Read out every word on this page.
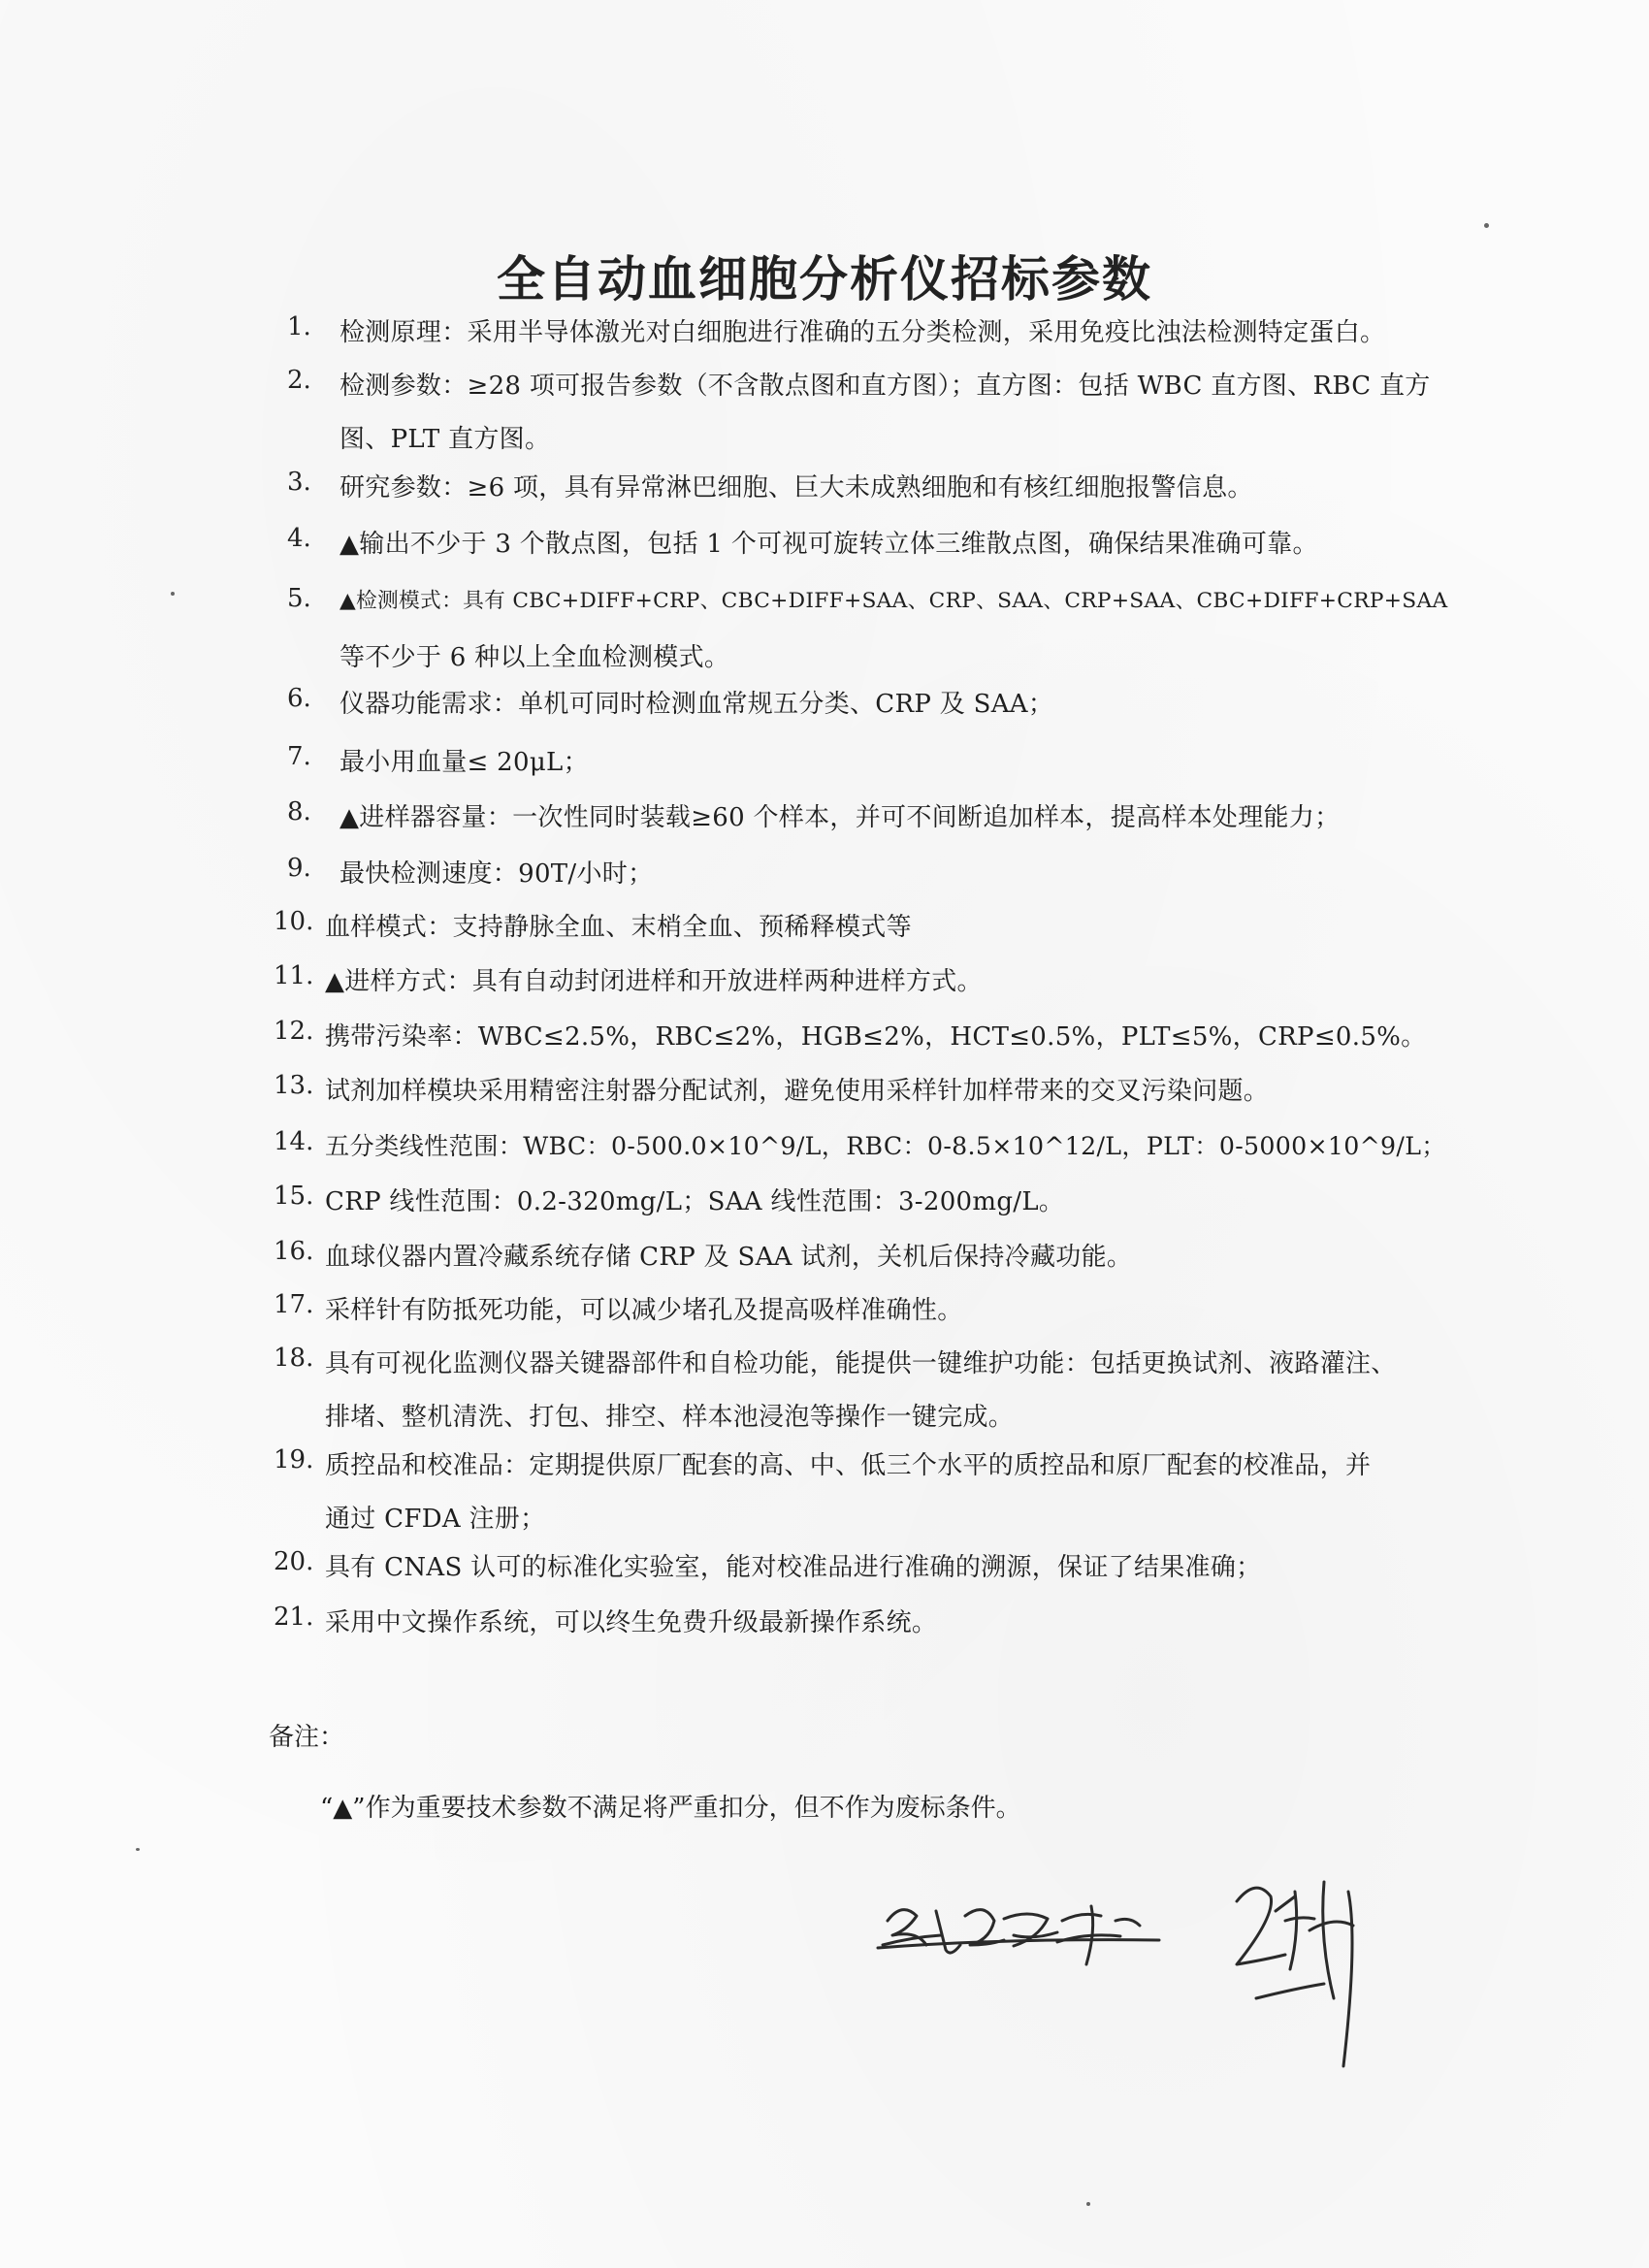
全自动血细胞分析仪招标参数
1. 检测原理：采用半导体激光对白细胞进行准确的五分类检测，采用免疫比浊法检测特定蛋白。
2. 检测参数：≥28 项可报告参数（不含散点图和直方图）；直方图：包括 WBC 直方图、RBC 直方
图、PLT 直方图。
3. 研究参数：≥6 项，具有异常淋巴细胞、巨大未成熟细胞和有核红细胞报警信息。
4. ▲输出不少于 3 个散点图，包括 1 个可视可旋转立体三维散点图，确保结果准确可靠。
5. ▲检测模式：具有 CBC+DIFF+CRP、CBC+DIFF+SAA、CRP、SAA、CRP+SAA、CBC+DIFF+CRP+SAA
等不少于 6 种以上全血检测模式。
6. 仪器功能需求：单机可同时检测血常规五分类、CRP 及 SAA；
7. 最小用血量≤ 20μL；
8. ▲进样器容量：一次性同时装载≥60 个样本，并可不间断追加样本，提高样本处理能力；
9. 最快检测速度：90T/小时；
10. 血样模式：支持静脉全血、末梢全血、预稀释模式等
11. ▲进样方式：具有自动封闭进样和开放进样两种进样方式。
12. 携带污染率：WBC≤2.5%，RBC≤2%，HGB≤2%，HCT≤0.5%，PLT≤5%，CRP≤0.5%。
13. 试剂加样模块采用精密注射器分配试剂，避免使用采样针加样带来的交叉污染问题。
14. 五分类线性范围：WBC：0-500.0×10^9/L，RBC：0-8.5×10^12/L，PLT：0-5000×10^9/L；
15. CRP 线性范围：0.2-320mg/L；SAA 线性范围：3-200mg/L。
16. 血球仪器内置冷藏系统存储 CRP 及 SAA 试剂，关机后保持冷藏功能。
17. 采样针有防抵死功能，可以减少堵孔及提高吸样准确性。
18. 具有可视化监测仪器关键器部件和自检功能，能提供一键维护功能：包括更换试剂、液路灌注、
排堵、整机清洗、打包、排空、样本池浸泡等操作一键完成。
19. 质控品和校准品：定期提供原厂配套的高、中、低三个水平的质控品和原厂配套的校准品，并
通过 CFDA 注册；
20. 具有 CNAS 认可的标准化实验室，能对校准品进行准确的溯源，保证了结果准确；
21. 采用中文操作系统，可以终生免费升级最新操作系统。
备注：
“▲”作为重要技术参数不满足将严重扣分，但不作为废标条件。
